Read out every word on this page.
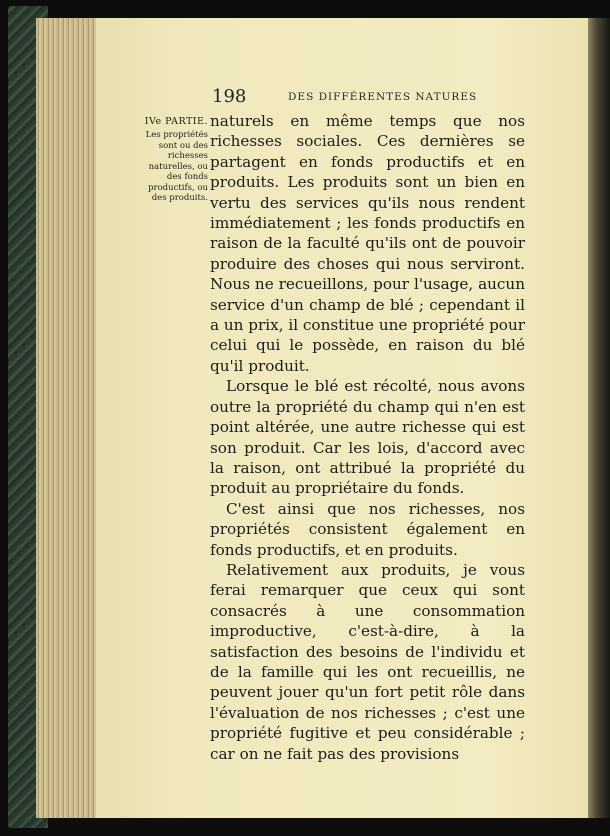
198	DES DIFFÉRENTES NATURES
IVe PARTIE.
Les propriétés sont ou des richesses naturelles, ou des fonds productifs, ou des produits.

naturels en même temps que nos richesses sociales. Ces dernières se partagent en fonds productifs et en produits. Les produits sont un bien en vertu des services qu'ils nous rendent immédiatement ; les fonds productifs en raison de la faculté qu'ils ont de pouvoir produire des choses qui nous serviront. Nous ne recueillons, pour l'usage, aucun service d'un champ de blé ; cependant il a un prix, il constitue une propriété pour celui qui le possède, en raison du blé qu'il produit.

Lorsque le blé est récolté, nous avons outre la propriété du champ qui n'en est point altérée, une autre richesse qui est son produit. Car les lois, d'accord avec la raison, ont attribué la propriété du produit au propriétaire du fonds.

C'est ainsi que nos richesses, nos propriétés consistent également en fonds productifs, et en produits.

Relativement aux produits, je vous ferai remarquer que ceux qui sont consacrés à une consommation improductive, c'est-à-dire, à la satisfaction des besoins de l'individu et de la famille qui les ont recueillis, ne peuvent jouer qu'un fort petit rôle dans l'évaluation de nos richesses ; c'est une propriété fugitive et peu considérable ; car on ne fait pas des provisions
